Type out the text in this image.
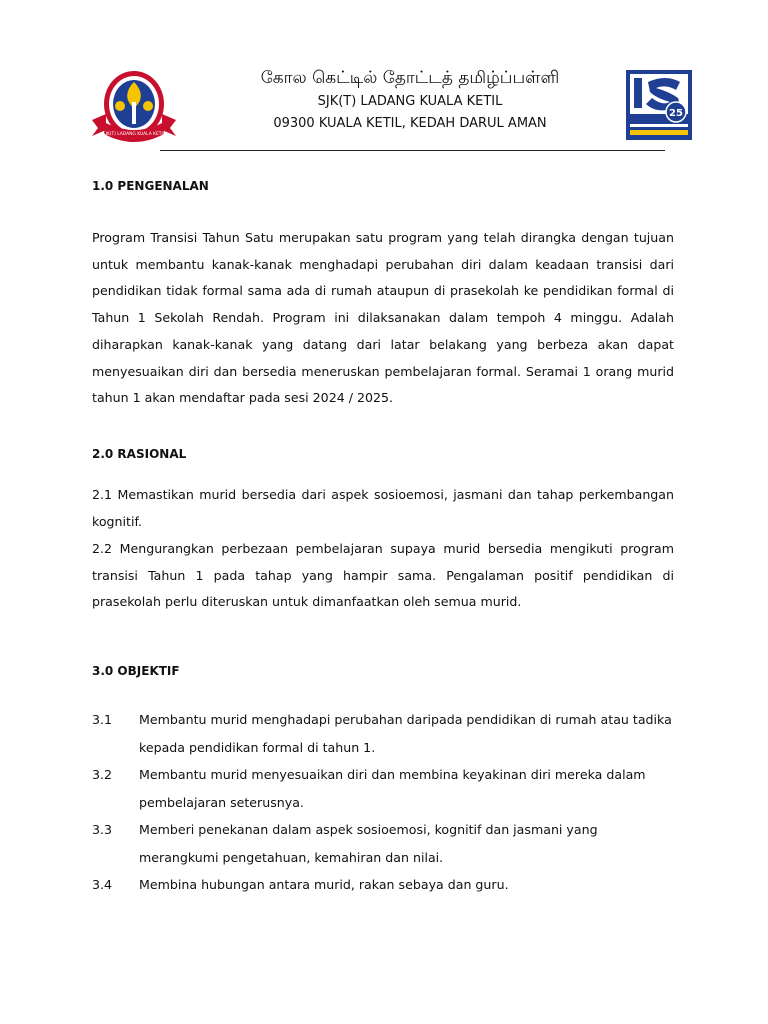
SJK(T) LADANG KUALA KETIL
கோல கெட்டில் தோட்டத் தமிழ்ப்பள்ளி
SJK(T) LADANG KUALA KETIL
09300 KUALA KETIL, KEDAH DARUL AMAN
25
1.0 PENGENALAN
Program Transisi Tahun Satu merupakan satu program yang telah dirangka dengan tujuan untuk membantu kanak-kanak menghadapi perubahan diri dalam keadaan transisi dari pendidikan tidak formal sama ada di rumah ataupun di prasekolah ke pendidikan formal di Tahun 1 Sekolah Rendah. Program ini dilaksanakan dalam tempoh 4 minggu. Adalah diharapkan kanak-kanak yang datang dari latar belakang yang berbeza akan dapat menyesuaikan diri dan bersedia meneruskan pembelajaran formal. Seramai 1 orang murid tahun 1 akan mendaftar pada sesi 2024 / 2025.
2.0 RASIONAL
2.1 Memastikan murid bersedia dari aspek sosioemosi, jasmani dan tahap perkembangan kognitif.
2.2 Mengurangkan perbezaan pembelajaran supaya murid bersedia mengikuti program transisi Tahun 1 pada tahap yang hampir sama. Pengalaman positif pendidikan di prasekolah perlu diteruskan untuk dimanfaatkan oleh semua murid.
3.0 OBJEKTIF
3.1	Membantu murid menghadapi perubahan daripada pendidikan di rumah atau tadika kepada pendidikan formal di tahun 1.
3.2	Membantu murid menyesuaikan diri dan membina keyakinan diri mereka dalam pembelajaran seterusnya.
3.3	Memberi penekanan dalam aspek sosioemosi, kognitif dan jasmani yang merangkumi pengetahuan, kemahiran dan nilai.
3.4	Membina hubungan antara murid, rakan sebaya dan guru.
